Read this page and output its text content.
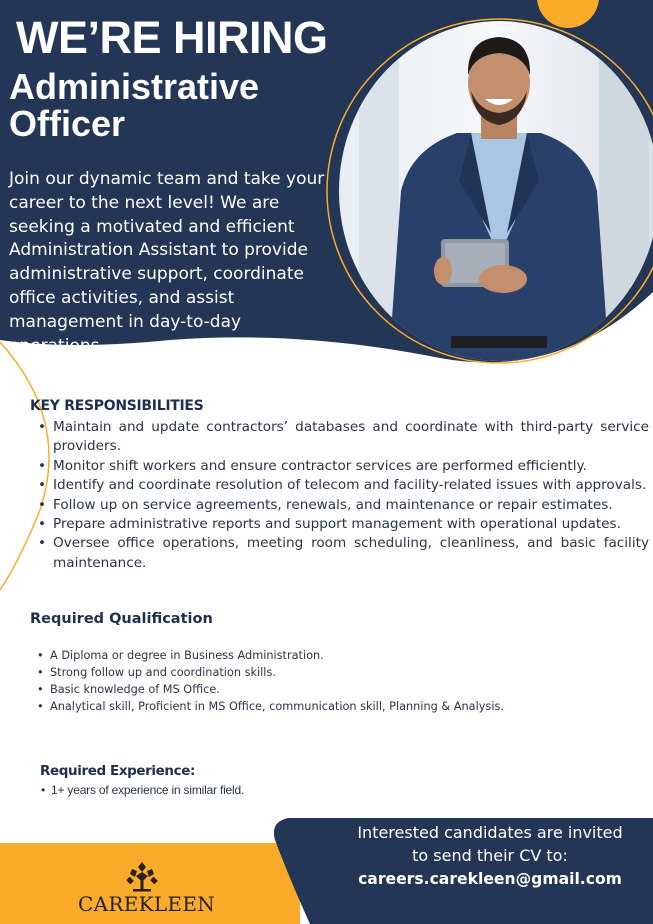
WE’RE HIRING
Administrative Officer

Join our dynamic team and take your career to the next level! We are seeking a motivated and efficient Administration Assistant to provide administrative support, coordinate office activities, and assist management in day-to-day operations.

KEY RESPONSIBILITIES
• Maintain and update contractors’ databases and coordinate with third-party service providers.
• Monitor shift workers and ensure contractor services are performed efficiently.
• Identify and coordinate resolution of telecom and facility-related issues with approvals.
• Follow up on service agreements, renewals, and maintenance or repair estimates.
• Prepare administrative reports and support management with operational updates.
• Oversee office operations, meeting room scheduling, cleanliness, and basic facility maintenance.
Required Qualification
• A Diploma or degree in Business Administration.
• Strong follow up and coordination skills.
• Basic knowledge of MS Office.
• Analytical skill, Proficient in MS Office, communication skill, Planning & Analysis.
Required Experience:
• 1+ years of experience in similar field.
Interested candidates are invited
to send their CV to:
careers.carekleen@gmail.com
CAREKLEEN
